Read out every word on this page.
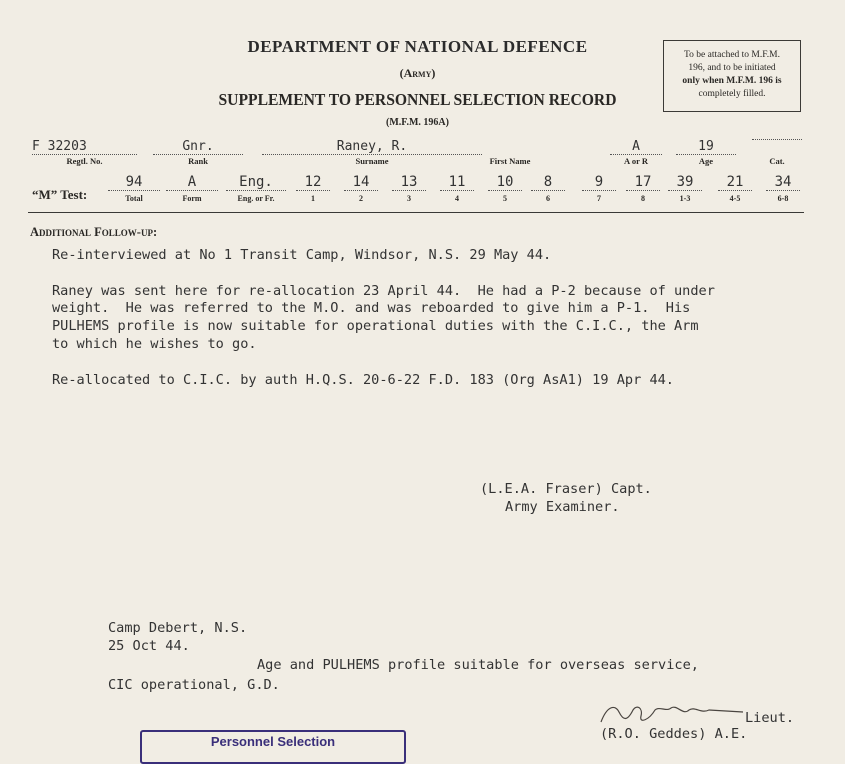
DEPARTMENT OF NATIONAL DEFENCE
(Army)
SUPPLEMENT TO PERSONNEL SELECTION RECORD
(M.F.M. 196A)
To be attached to M.F.M.
196, and to be initiated
only when M.F.M. 196 is
completely filled.
F 32203
Regtl. No.
Gnr.
Rank
Raney, R.
Surname	First Name
A
A or R
19
Age	Cat.
“M” Test:
94
Total
A
Form
Eng.
Eng. or Fr.
12
1
14
2
13
3
11
4
10
5
8
6
9
7
17
8
39
1-3
21
4-5
34
6-8
Additional Follow-up:
Re-interviewed at No 1 Transit Camp, Windsor, N.S. 29 May 44.
Raney was sent here for re-allocation 23 April 44.  He had a P-2 because of under
weight.  He was referred to the M.O. and was reboarded to give him a P-1.  His
PULHEMS profile is now suitable for operational duties with the C.I.C., the Arm
to which he wishes to go.
Re-allocated to C.I.C. by auth H.Q.S. 20-6-22 F.D. 183 (Org AsA1) 19 Apr 44.
(L.E.A. Fraser) Capt.
Army Examiner.
Camp Debert, N.S.
25 Oct 44.
Age and PULHEMS profile suitable for overseas service,
CIC operational, G.D.
Lieut.
(R.O. Geddes) A.E.
Personnel Selection
